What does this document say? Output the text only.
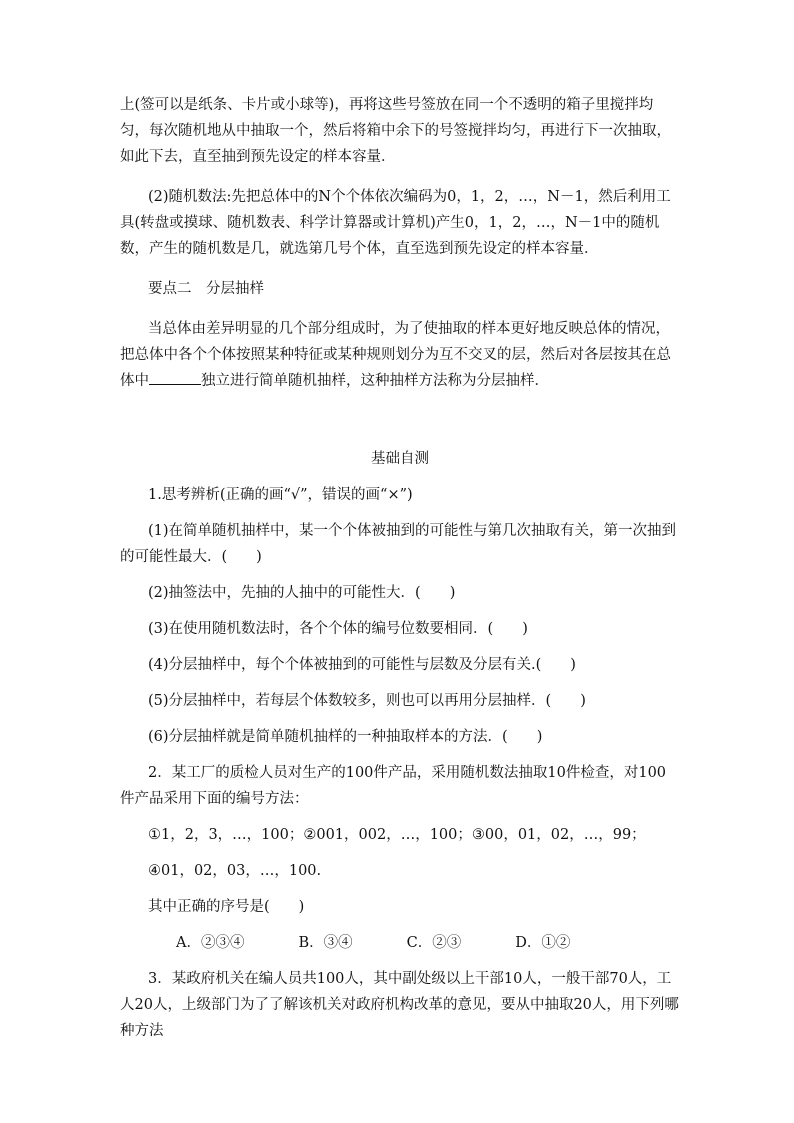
上(签可以是纸条、卡片或小球等)，再将这些号签放在同一个不透明的箱子里搅拌均匀，每次随机地从中抽取一个，然后将箱中余下的号签搅拌均匀，再进行下一次抽取，如此下去，直至抽到预先设定的样本容量．

(2)随机数法:先把总体中的N个个体依次编码为0，1，2，…，N－1，然后利用工具(转盘或摸球、随机数表、科学计算器或计算机)产生0，1，2，…，N－1中的随机数，产生的随机数是几，就选第几号个体，直至选到预先设定的样本容量．

要点二　分层抽样

当总体由差异明显的几个部分组成时，为了使抽取的样本更好地反映总体的情况，把总体中各个个体按照某种特征或某种规则划分为互不交叉的层，然后对各层按其在总体中	独立进行简单随机抽样，这种抽样方法称为分层抽样．

基础自测

1.思考辨析(正确的画“√”，错误的画“×”)

(1)在简单随机抽样中，某一个个体被抽到的可能性与第几次抽取有关，第一次抽到的可能性最大．(　　)

(2)抽签法中，先抽的人抽中的可能性大．(　　)

(3)在使用随机数法时，各个个体的编号位数要相同．(　　)

(4)分层抽样中，每个个体被抽到的可能性与层数及分层有关.(　　)

(5)分层抽样中，若每层个体数较多，则也可以再用分层抽样．(　　)

(6)分层抽样就是简单随机抽样的一种抽取样本的方法．(　　)

2．某工厂的质检人员对生产的100件产品，采用随机数法抽取10件检查，对100件产品采用下面的编号方法：

①1，2，3，…，100；②001，002，…，100；③00，01，02，…，99；

④01，02，03，…，100.

其中正确的序号是(　　)

A．②③④	B．③④	C．②③	D．①②

3．某政府机关在编人员共100人，其中副处级以上干部10人，一般干部70人，工人20人，上级部门为了了解该机关对政府机构改革的意见，要从中抽取20人，用下列哪种方法
